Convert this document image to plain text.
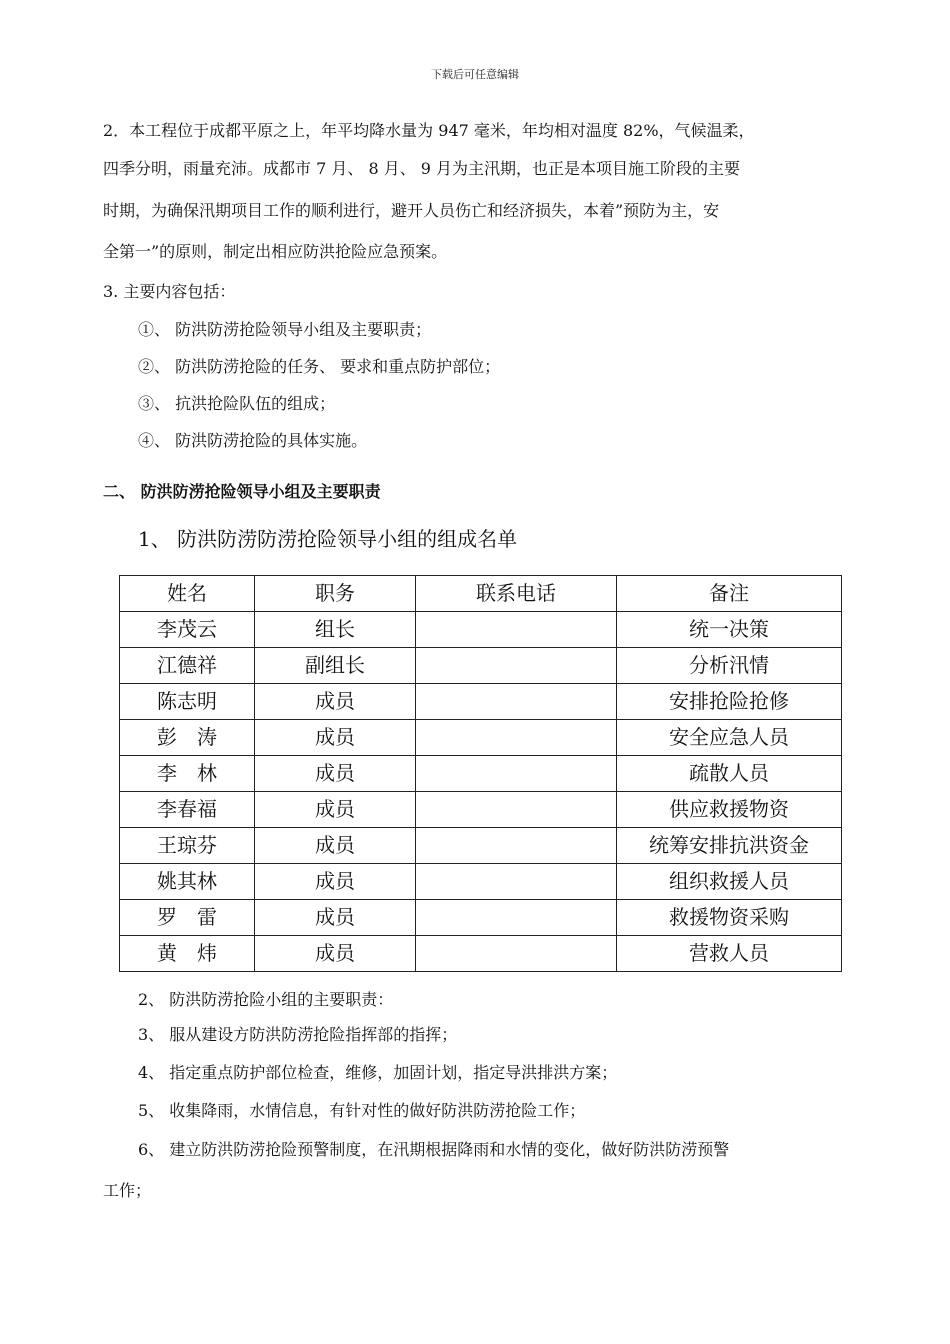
下载后可任意编辑
2．本工程位于成都平原之上，年平均降水量为 947 毫米，年均相对温度 82%，气候温柔，
四季分明，雨量充沛。成都市 7 月、 8 月、 9 月为主汛期，也正是本项目施工阶段的主要
时期，为确保汛期项目工作的顺利进行，避开人员伤亡和经济损失，本着”预防为主，安
全第一”的原则，制定出相应防洪抢险应急预案。
3. 主要内容包括：
①、 防洪防涝抢险领导小组及主要职责；
②、 防洪防涝抢险的任务、 要求和重点防护部位；
③、 抗洪抢险队伍的组成；
④、 防洪防涝抢险的具体实施。
二、 防洪防涝抢险领导小组及主要职责
1、 防洪防涝防涝抢险领导小组的组成名单
姓名	职务	联系电话	备注
李茂云	组长		统一决策
江德祥	副组长		分析汛情
陈志明	成员		安排抢险抢修
彭　涛	成员		安全应急人员
李　林	成员		疏散人员
李春福	成员		供应救援物资
王琼芬	成员		统筹安排抗洪资金
姚其林	成员		组织救援人员
罗　雷	成员		救援物资采购
黄　炜	成员		营救人员
2、 防洪防涝抢险小组的主要职责：
3、 服从建设方防洪防涝抢险指挥部的指挥；
4、 指定重点防护部位检查，维修，加固计划，指定导洪排洪方案；
5、 收集降雨，水情信息，有针对性的做好防洪防涝抢险工作；
6、 建立防洪防涝抢险预警制度，在汛期根据降雨和水情的变化，做好防洪防涝预警
工作；
